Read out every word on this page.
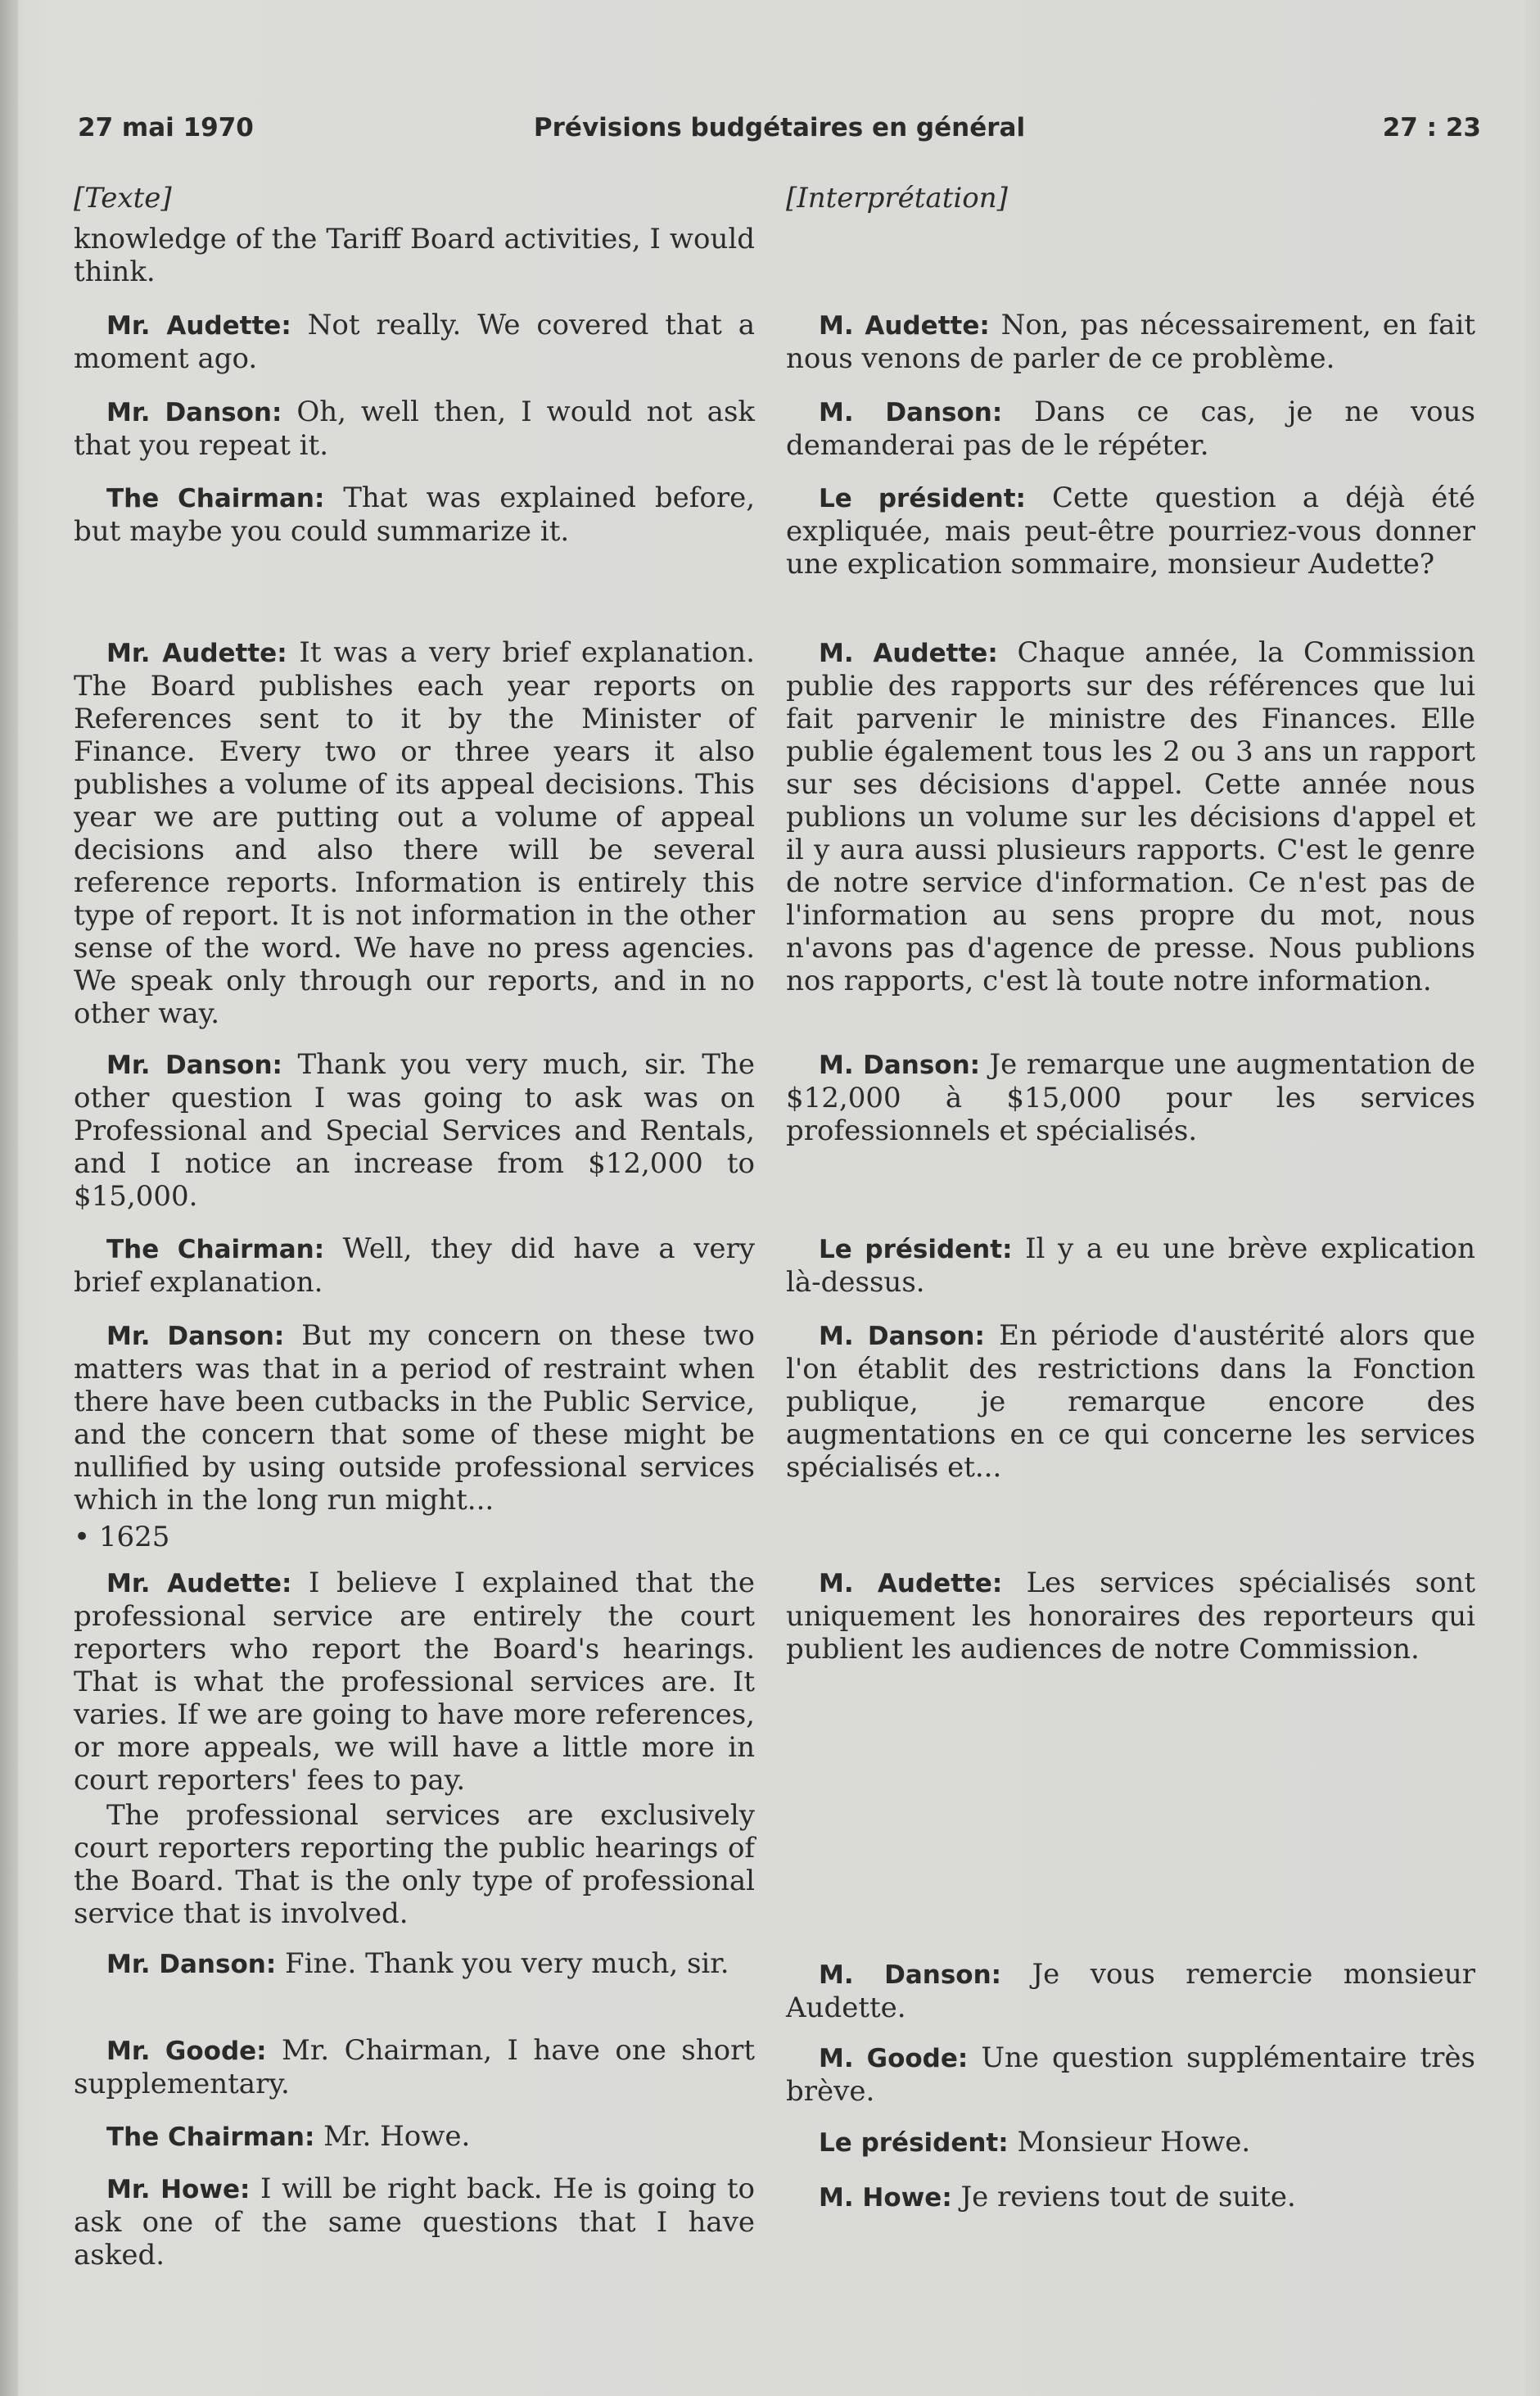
27 mai 1970	Prévisions budgétaires en général	27 : 23

[Texte]

knowledge of the Tariff Board activities, I would think.

Mr. Audette: Not really. We covered that a moment ago.

Mr. Danson: Oh, well then, I would not ask that you repeat it.

The Chairman: That was explained before, but maybe you could summarize it.

Mr. Audette: It was a very brief explanation. The Board publishes each year reports on References sent to it by the Minister of Finance. Every two or three years it also publishes a volume of its appeal decisions. This year we are putting out a volume of appeal decisions and also there will be several reference reports. Information is entirely this type of report. It is not information in the other sense of the word. We have no press agencies. We speak only through our reports, and in no other way.

Mr. Danson: Thank you very much, sir. The other question I was going to ask was on Professional and Special Services and Rentals, and I notice an increase from $12,000 to $15,000.

The Chairman: Well, they did have a very brief explanation.

Mr. Danson: But my concern on these two matters was that in a period of restraint when there have been cutbacks in the Public Service, and the concern that some of these might be nullified by using outside professional services which in the long run might...

• 1625

Mr. Audette: I believe I explained that the professional service are entirely the court reporters who report the Board's hearings. That is what the professional services are. It varies. If we are going to have more references, or more appeals, we will have a little more in court reporters' fees to pay.

The professional services are exclusively court reporters reporting the public hearings of the Board. That is the only type of professional service that is involved.

Mr. Danson: Fine. Thank you very much, sir.

Mr. Goode: Mr. Chairman, I have one short supplementary.

The Chairman: Mr. Howe.

Mr. Howe: I will be right back. He is going to ask one of the same questions that I have asked.

[Interprétation]

M. Audette: Non, pas nécessairement, en fait nous venons de parler de ce problème.

M. Danson: Dans ce cas, je ne vous demanderai pas de le répéter.

Le président: Cette question a déjà été expliquée, mais peut-être pourriez-vous donner une explication sommaire, monsieur Audette?

M. Audette: Chaque année, la Commission publie des rapports sur des références que lui fait parvenir le ministre des Finances. Elle publie également tous les 2 ou 3 ans un rapport sur ses décisions d'appel. Cette année nous publions un volume sur les décisions d'appel et il y aura aussi plusieurs rapports. C'est le genre de notre service d'information. Ce n'est pas de l'information au sens propre du mot, nous n'avons pas d'agence de presse. Nous publions nos rapports, c'est là toute notre information.

M. Danson: Je remarque une augmentation de $12,000 à $15,000 pour les services professionnels et spécialisés.

Le président: Il y a eu une brève explication là-dessus.

M. Danson: En période d'austérité alors que l'on établit des restrictions dans la Fonction publique, je remarque encore des augmentations en ce qui concerne les services spécialisés et...

M. Audette: Les services spécialisés sont uniquement les honoraires des reporteurs qui publient les audiences de notre Commission.

M. Danson: Je vous remercie monsieur Audette.

M. Goode: Une question supplémentaire très brève.

Le président: Monsieur Howe.

M. Howe: Je reviens tout de suite.
